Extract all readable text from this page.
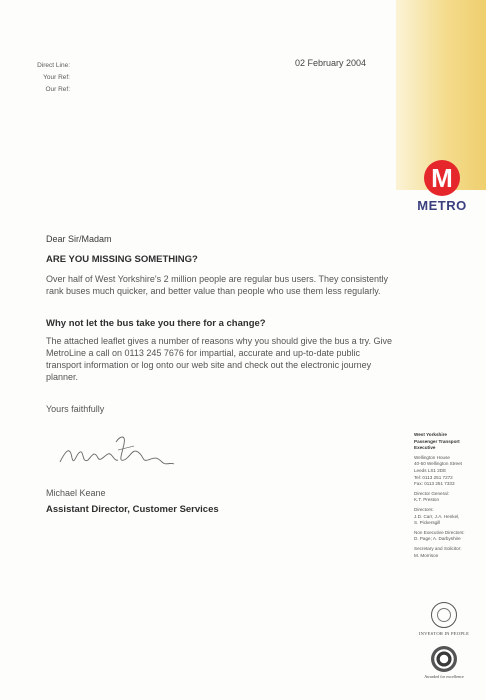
Direct Line:
Your Ref:
Our Ref:
02 February 2004
M
METRO
Dear Sir/Madam
ARE YOU MISSING SOMETHING?
Over half of West Yorkshire's 2 million people are regular bus users. They consistently rank buses much quicker, and better value than people who use them less regularly.
Why not let the bus take you there for a change?
The attached leaflet gives a number of reasons why you should give the bus a try. Give MetroLine a call on 0113 245 7676 for impartial, accurate and up-to-date public transport information or log onto our web site and check out the electronic journey planner.
Yours faithfully
Michael Keane
Assistant Director, Customer Services
West Yorkshire
Passenger Transport
Executive
Wellington House
40-50 Wellington Street
Leeds LS1 2DE
Tel: 0113 251 7272
Fax: 0113 251 7333
Director General:
K.T. Preston
Directors:
J.D. Carr, J.A. Henkel,
S. Pickersgill
Non Executive Directors:
D. Page; A. Darbyshire
Secretary and Solicitor:
M. Morrison
INVESTOR IN PEOPLE
Awarded for excellence
